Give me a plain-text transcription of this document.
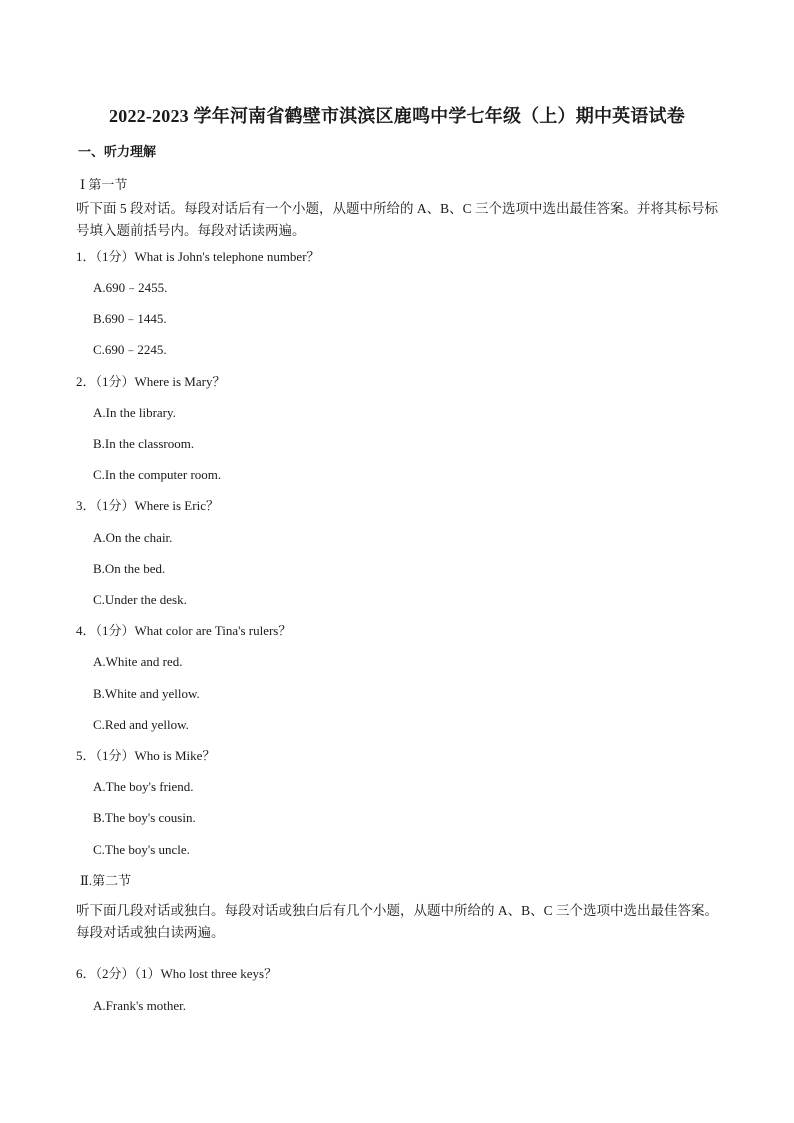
2022-2023 学年河南省鹤壁市淇滨区鹿鸣中学七年级（上）期中英语试卷
一、听力理解
Ⅰ 第一节
听下面 5 段对话。每段对话后有一个小题，从题中所给的 A、B、C 三个选项中选出最佳答案。并将其标号标号填入题前括号内。每段对话读两遍。
1．（1分）What is John's telephone number？
A.690﹣2455.
B.690﹣1445.
C.690﹣2245.
2．（1分）Where is Mary？
A.In the library.
B.In the classroom.
C.In the computer room.
3．（1分）Where is Eric？
A.On the chair.
B.On the bed.
C.Under the desk.
4．（1分）What color are Tina's rulers？
A.White and red.
B.White and yellow.
C.Red and yellow.
5．（1分）Who is Mike？
A.The boy's friend.
B.The boy's cousin.
C.The boy's uncle.
Ⅱ.第二节
听下面几段对话或独白。每段对话或独白后有几个小题，从题中所给的 A、B、C 三个选项中选出最佳答案。每段对话或独白读两遍。
6．（2分）（1）Who lost three keys？
A.Frank's mother.
